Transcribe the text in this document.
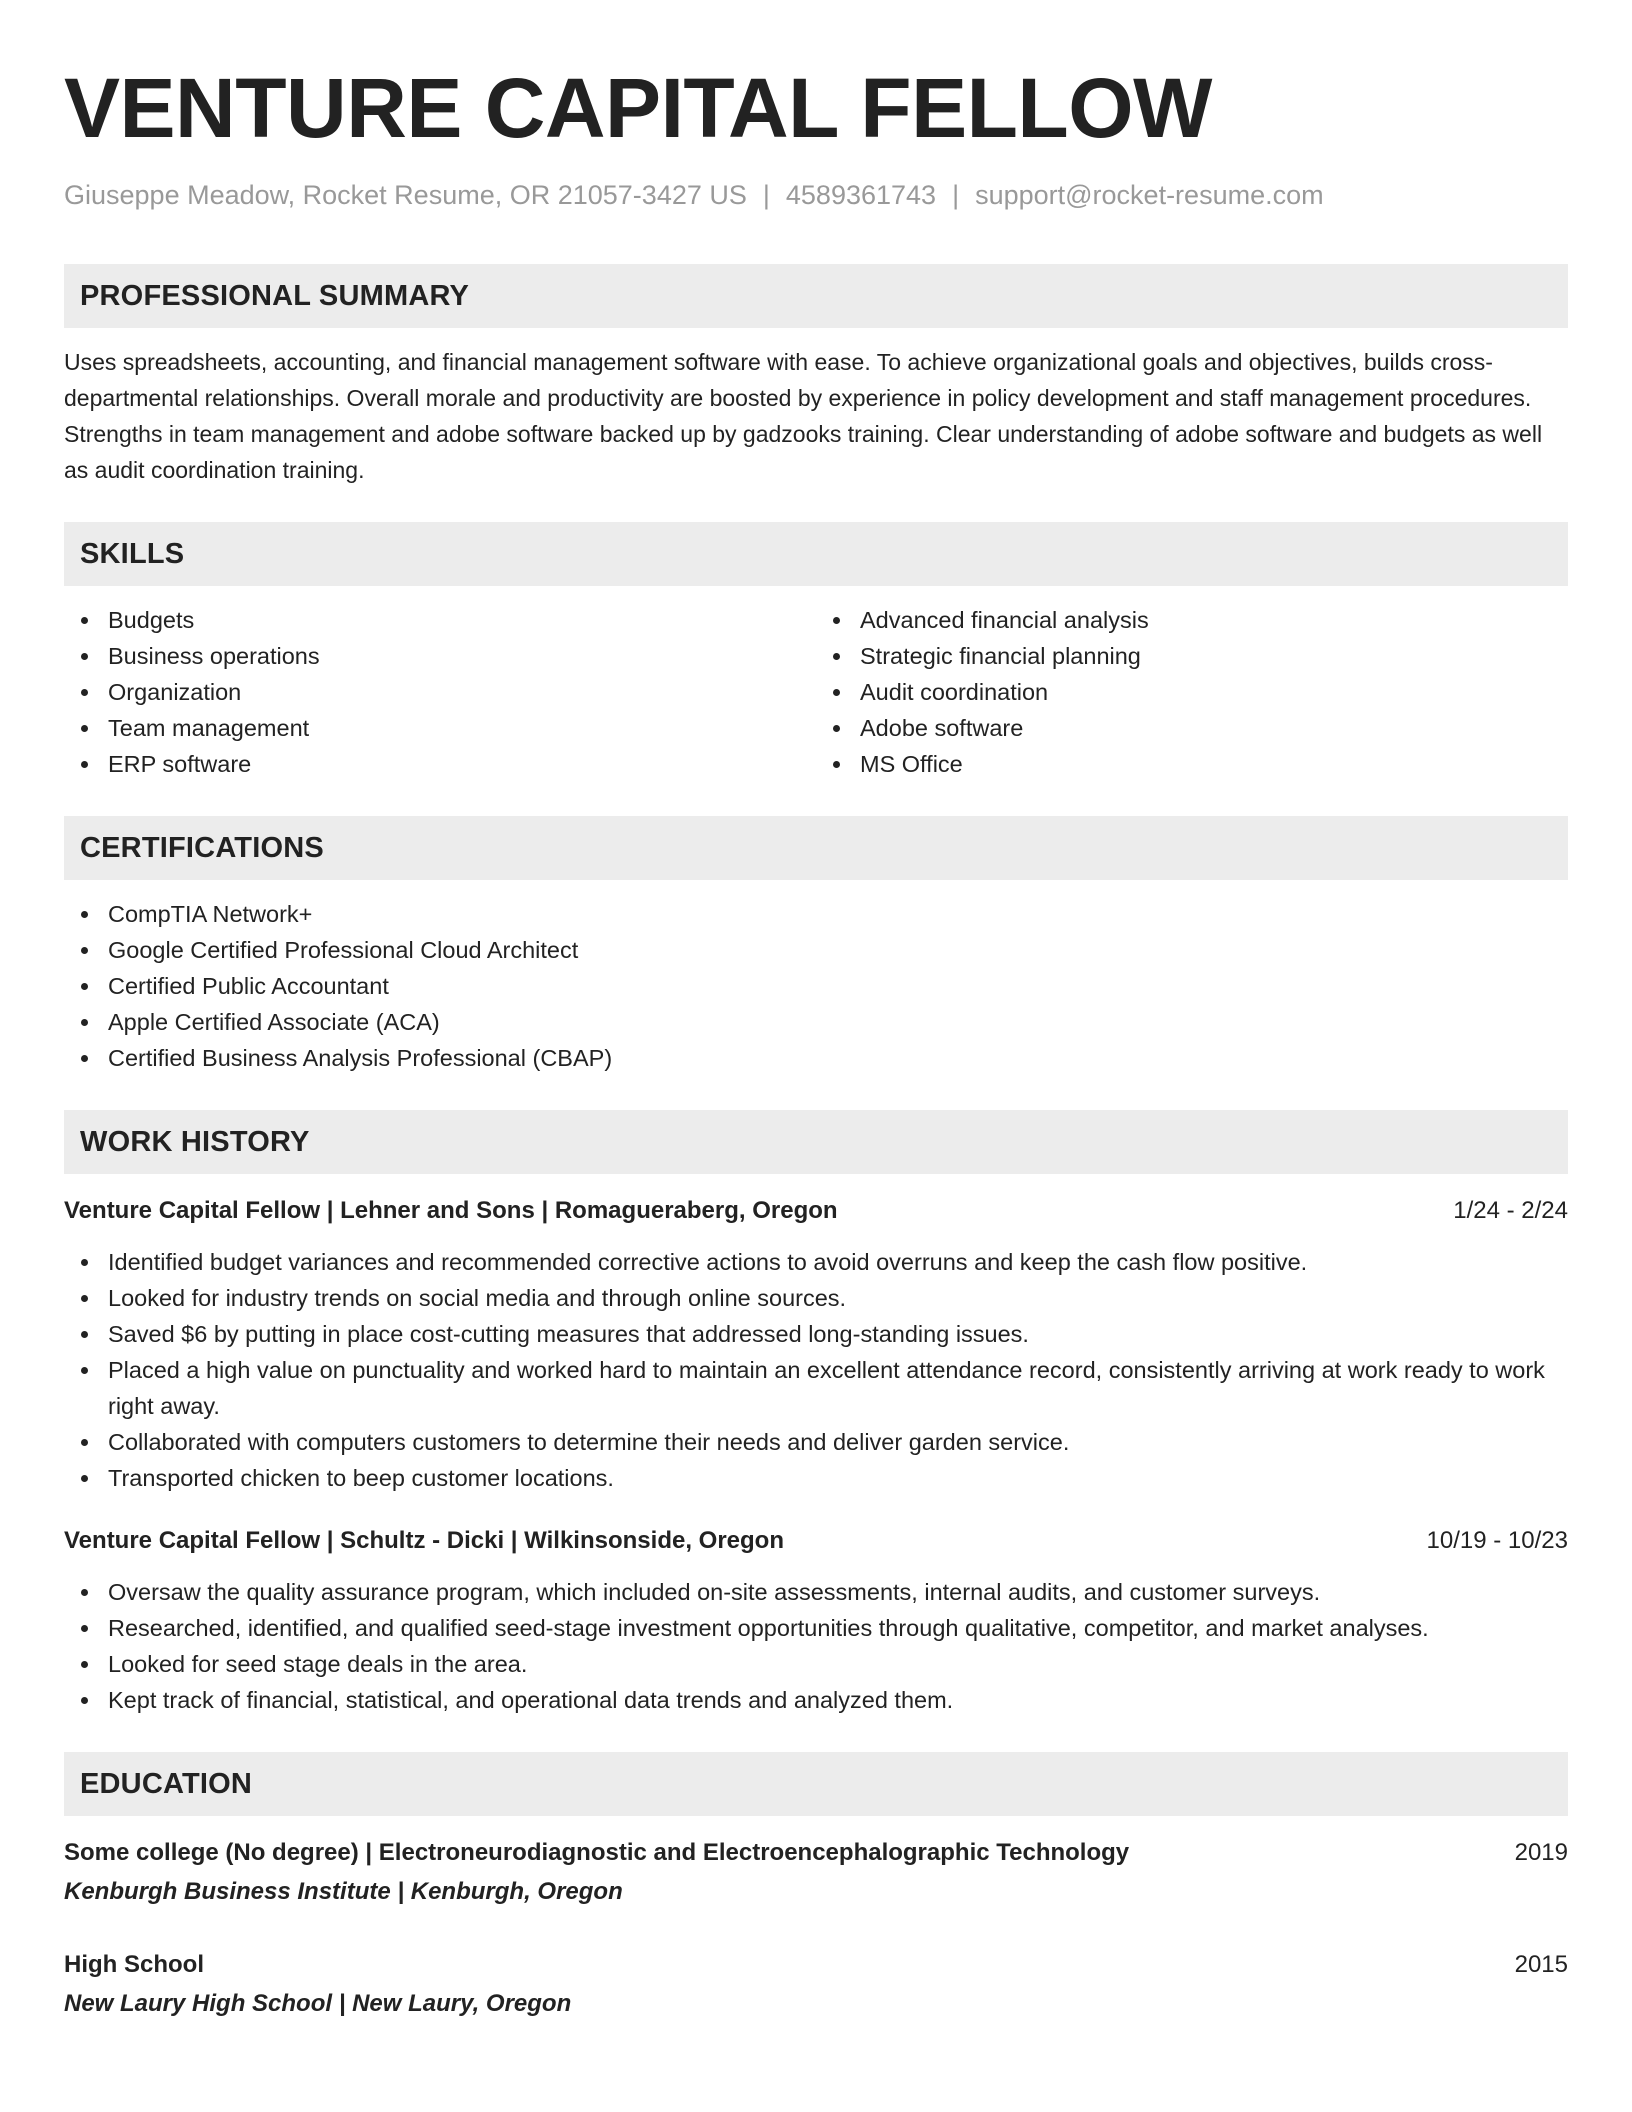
VENTURE CAPITAL FELLOW
Giuseppe Meadow, Rocket Resume, OR 21057-3427 US | 4589361743 | support@rocket-resume.com
PROFESSIONAL SUMMARY

Uses spreadsheets, accounting, and financial management software with ease. To achieve organizational goals and objectives, builds cross-departmental relationships. Overall morale and productivity are boosted by experience in policy development and staff management procedures. Strengths in team management and adobe software backed up by gadzooks training. Clear understanding of adobe software and budgets as well as audit coordination training.

SKILLS
Budgets
Business operations
Organization
Team management
ERP software
Advanced financial analysis
Strategic financial planning
Audit coordination
Adobe software
MS Office
CERTIFICATIONS
CompTIA Network+
Google Certified Professional Cloud Architect
Certified Public Accountant
Apple Certified Associate (ACA)
Certified Business Analysis Professional (CBAP)
WORK HISTORY
Venture Capital Fellow | Lehner and Sons | Romagueraberg, Oregon	1/24 - 2/24
Identified budget variances and recommended corrective actions to avoid overruns and keep the cash flow positive.
Looked for industry trends on social media and through online sources.
Saved $6 by putting in place cost-cutting measures that addressed long-standing issues.
Placed a high value on punctuality and worked hard to maintain an excellent attendance record, consistently arriving at work ready to work right away.
Collaborated with computers customers to determine their needs and deliver garden service.
Transported chicken to beep customer locations.
Venture Capital Fellow | Schultz - Dicki | Wilkinsonside, Oregon	10/19 - 10/23
Oversaw the quality assurance program, which included on-site assessments, internal audits, and customer surveys.
Researched, identified, and qualified seed-stage investment opportunities through qualitative, competitor, and market analyses.
Looked for seed stage deals in the area.
Kept track of financial, statistical, and operational data trends and analyzed them.
EDUCATION
Some college (No degree) | Electroneurodiagnostic and Electroencephalographic Technology	2019
Kenburgh Business Institute | Kenburgh, Oregon
High School	2015
New Laury High School | New Laury, Oregon
